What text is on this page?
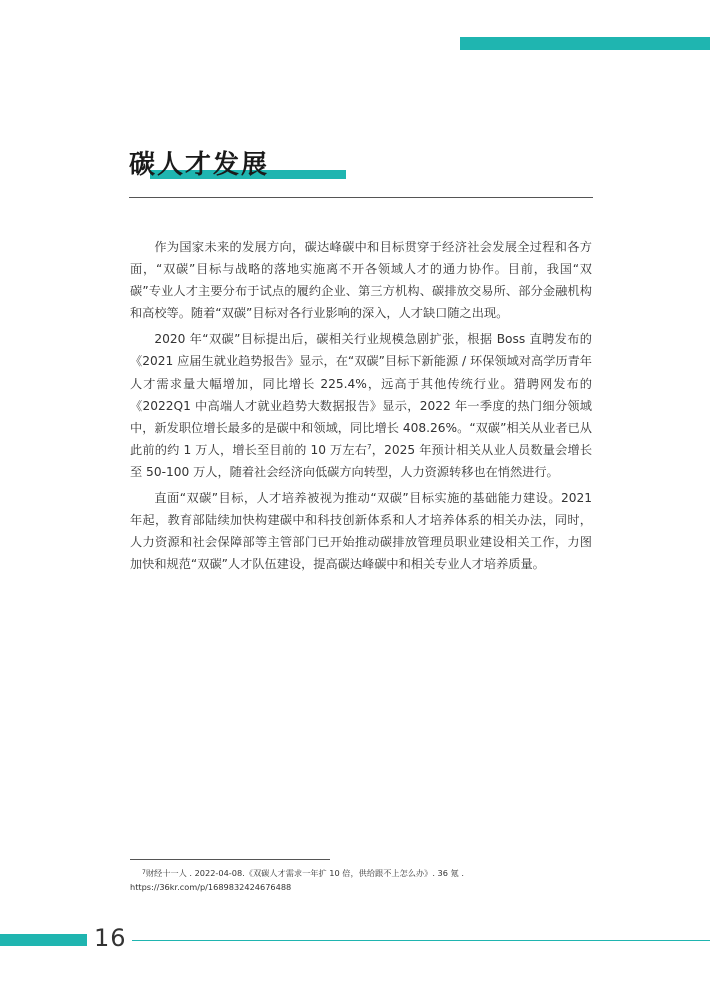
碳人才发展

作为国家未来的发展方向，碳达峰碳中和目标贯穿于经济社会发展全过程和各方面，“双碳”目标与战略的落地实施离不开各领域人才的通力协作。目前，我国“双碳”专业人才主要分布于试点的履约企业、第三方机构、碳排放交易所、部分金融机构和高校等。随着“双碳”目标对各行业影响的深入，人才缺口随之出现。

2020 年“双碳”目标提出后，碳相关行业规模急剧扩张，根据 Boss 直聘发布的《2021 应届生就业趋势报告》显示，在“双碳”目标下新能源 / 环保领域对高学历青年人才需求量大幅增加，同比增长 225.4%，远高于其他传统行业。猎聘网发布的《2022Q1 中高端人才就业趋势大数据报告》显示，2022 年一季度的热门细分领域中，新发职位增长最多的是碳中和领域，同比增长 408.26%。“双碳”相关从业者已从此前的约 1 万人，增长至目前的 10 万左右$^7$，2025 年预计相关从业人员数量会增长至 50-100 万人，随着社会经济向低碳方向转型，人力资源转移也在悄然进行。

直面“双碳”目标，人才培养被视为推动“双碳”目标实施的基础能力建设。2021 年起，教育部陆续加快构建碳中和科技创新体系和人才培养体系的相关办法，同时，人力资源和社会保障部等主管部门已开始推动碳排放管理员职业建设相关工作，力图加快和规范“双碳”人才队伍建设，提高碳达峰碳中和相关专业人才培养质量。

$^7$财经十一人 . 2022-04-08.《双碳人才需求一年扩 10 倍，供给跟不上怎么办》. 36 氪 .
https://36kr.com/p/1689832424676488
16
